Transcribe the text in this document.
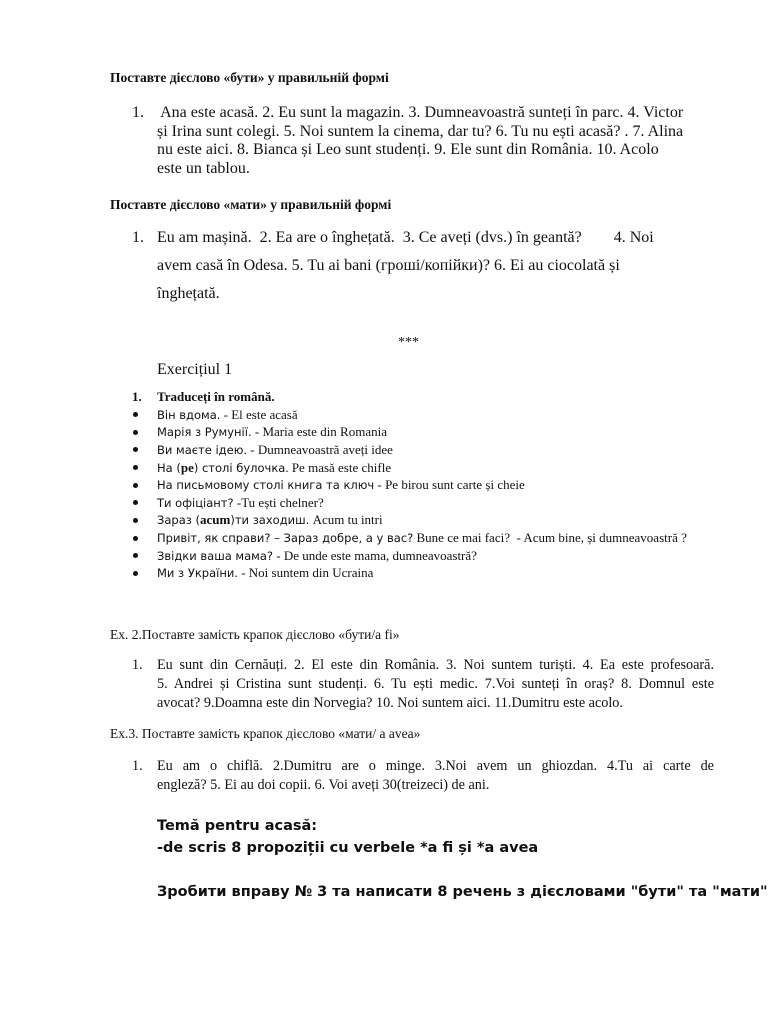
Поставте дієслово «бути» у правильній формі

1. Ana este acasă. 2. Eu sunt la magazin. 3. Dumneavoastră sunteți în parc. 4. Victor
și Irina sunt colegi. 5. Noi suntem la cinema, dar tu? 6. Tu nu ești acasă? . 7. Alina
nu este aici. 8. Bianca și Leo sunt studenți. 9. Ele sunt din România. 10. Acolo
este un tablou.

Поставте дієслово «мати» у правильній формі

1. Eu am mașină.  2. Ea are o înghețată.  3. Ce aveți (dvs.) în geantă?        4. Noi
avem casă în Odesa. 5. Tu ai bani (гроші/копійки)? 6. Ei au ciocolată și
înghețată.
***
Exercițiul 1
1. Traduceți în română.
Він вдома. - El este acasă
Марія з Румунії. - Maria este din Romania
Ви маєте ідею. - Dumneavoastră aveți idee
На (pe) столі булочка. Pe masă este chifle
На письмовому столі книга та ключ - Pe birou sunt carte și cheie
Ти офіціант? -Tu ești chelner?
Зараз (acum)ти заходиш. Acum tu intri
Привіт, як справи? – Зараз добре, а у вас? Bune ce mai faci?  - Acum bine, și dumneavoastră ?
Звідки ваша мама? - De unde este mama, dumneavoastră?
Ми з України. - Noi suntem din Ucraina

Ex. 2.Поставте замість крапок дієслово «бути/a fi»

1. Eu sunt din Cernăuți. 2. El este din România. 3. Noi suntem turiști. 4. Ea este profesoară.
5. Andrei și Cristina sunt studenți. 6. Tu ești medic. 7.Voi sunteți în oraș? 8. Domnul este
avocat? 9.Doamna este din Norvegia? 10. Noi suntem aici. 11.Dumitru este acolo.

Ex.3. Поставте замість крапок дієслово «мати/ a avea»

1. Eu am o chiflă. 2.Dumitru are o minge. 3.Noi avem un ghiozdan. 4.Tu ai carte de
engleză? 5. Ei au doi copii. 6. Voi aveți 30(treizeci) de ani.
Temă pentru acasă:
-de scris 8 propoziții cu verbele *a fi și *a avea
Зробити вправу № 3 та написати 8 речень з дієсловами "бути" та "мати"
